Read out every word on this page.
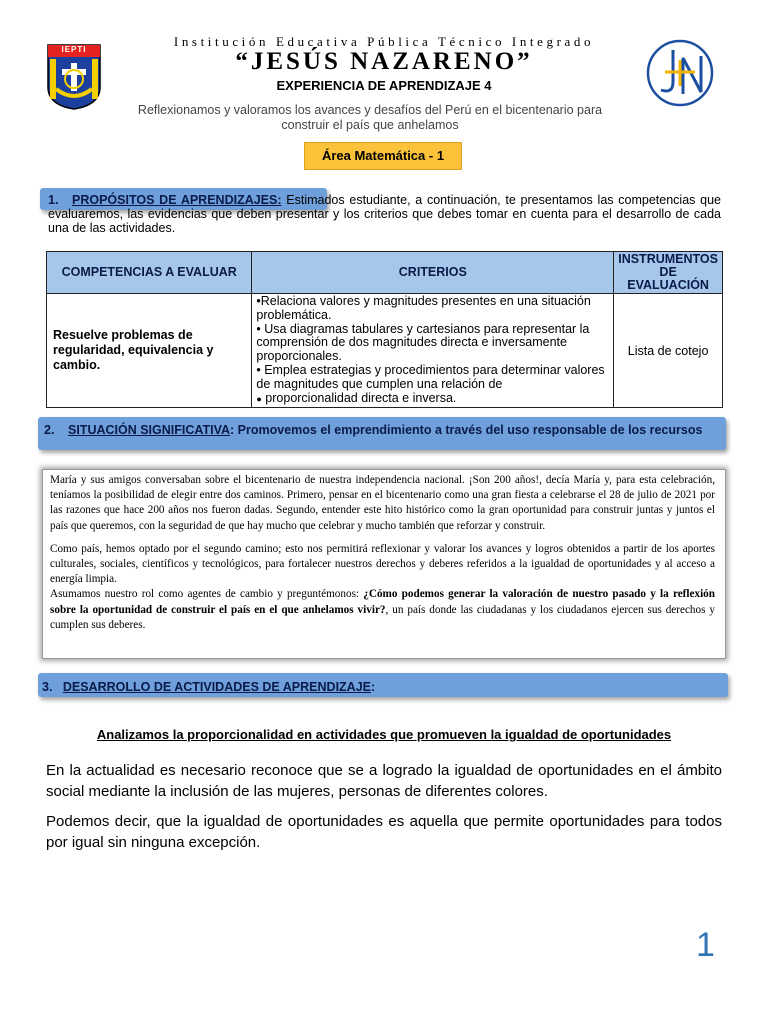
IEPTI
Institución Educativa Pública Técnico Integrado
“JESÚS NAZARENO”
EXPERIENCIA DE APRENDIZAJE 4
Reflexionamos y valoramos los avances y desafíos del Perú en el bicentenario para construir el país que anhelamos
Área Matemática - 1
1. PROPÓSITOS DE APRENDIZAJES: Estimados estudiante, a continuación, te presentamos las competencias que evaluaremos, las evidencias que deben presentar y los criterios que debes tomar en cuenta para el desarrollo de cada una de las actividades.
COMPETENCIAS A EVALUAR	CRITERIOS	INSTRUMENTOS DE EVALUACIÓN
Resuelve problemas de regularidad, equivalencia y cambio.	•Relaciona valores y magnitudes presentes en una situación problemática.
• Usa diagramas tabulares y cartesianos para representar la comprensión de dos magnitudes directa e inversamente proporcionales.
• Emplea estrategias y procedimientos para determinar valores de magnitudes que cumplen una relación de
● proporcionalidad directa e inversa.	Lista de cotejo
2. SITUACIÓN SIGNIFICATIVA: Promovemos el emprendimiento a través del uso responsable de los recursos

María y sus amigos conversaban sobre el bicentenario de nuestra independencia nacional. ¡Son 200 años!, decía María y, para esta celebración, teníamos la posibilidad de elegir entre dos caminos. Primero, pensar en el bicentenario como una gran fiesta a celebrarse el 28 de julio de 2021 por las razones que hace 200 años nos fueron dadas. Segundo, entender este hito histórico como la gran oportunidad para construir juntas y juntos el país que queremos, con la seguridad de que hay mucho que celebrar y mucho también que reforzar y construir.

Como país, hemos optado por el segundo camino; esto nos permitirá reflexionar y valorar los avances y logros obtenidos a partir de los aportes culturales, sociales, científicos y tecnológicos, para fortalecer nuestros derechos y deberes referidos a la igualdad de oportunidades y al acceso a energía limpia.

Asumamos nuestro rol como agentes de cambio y preguntémonos: ¿Cómo podemos generar la valoración de nuestro pasado y la reflexión sobre la oportunidad de construir el país en el que anhelamos vivir?, un país donde las ciudadanas y los ciudadanos ejercen sus derechos y cumplen sus deberes.

3. DESARROLLO DE ACTIVIDADES DE APRENDIZAJE:
Analizamos la proporcionalidad en actividades que promueven la igualdad de oportunidades
En la actualidad es necesario reconoce que se a logrado la igualdad de oportunidades en el ámbito social mediante la inclusión de las mujeres, personas de diferentes colores.
Podemos decir, que la igualdad de oportunidades es aquella que permite oportunidades para todos por igual sin ninguna excepción.
1
